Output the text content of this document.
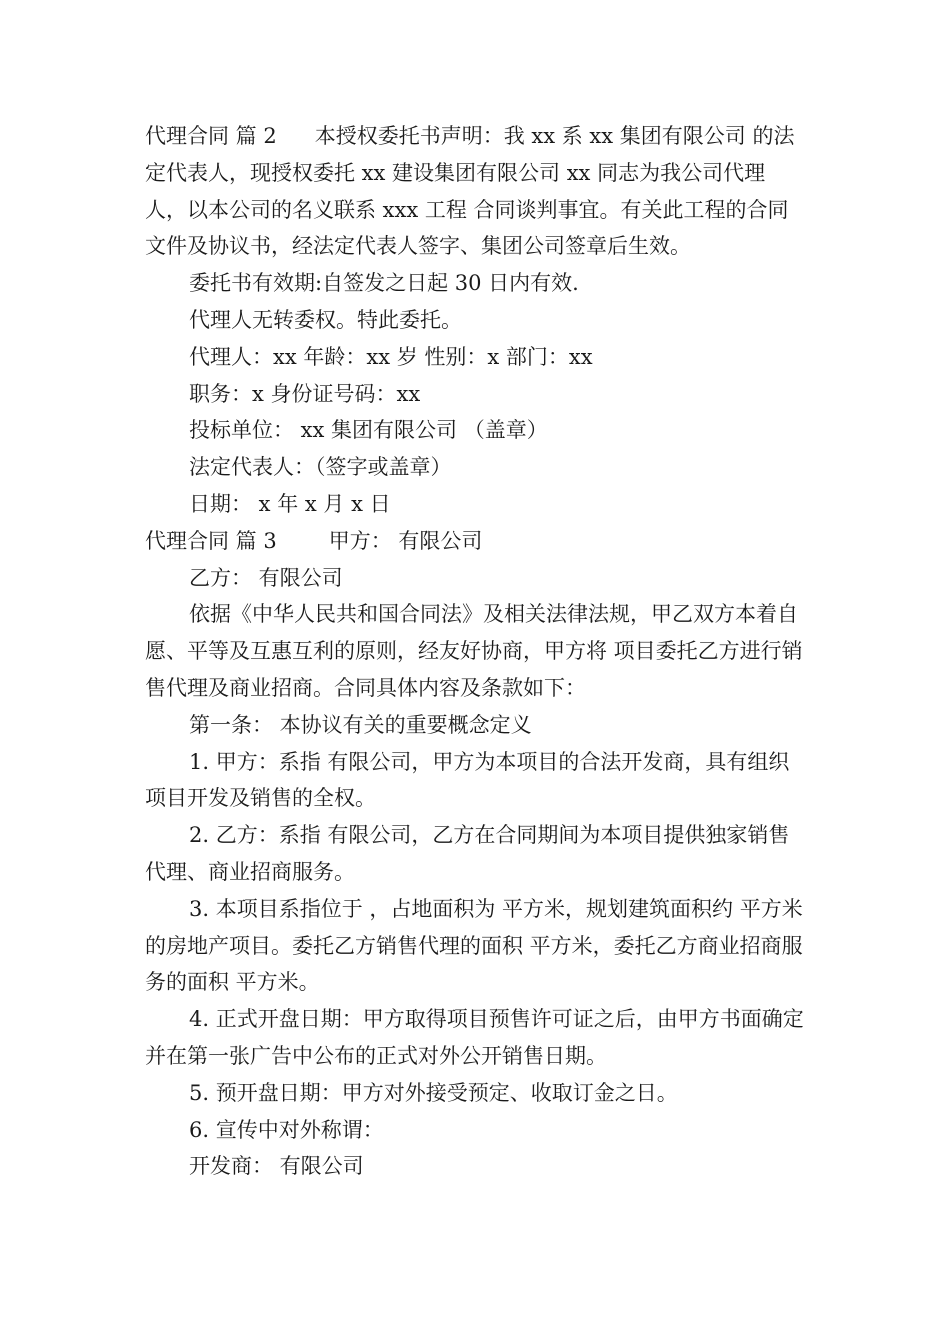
代理合同 篇 2 本授权委托书声明：我 xx 系 xx 集团有限公司 的法定代表人，现授权委托 xx 建设集团有限公司 xx 同志为我公司代理人，以本公司的名义联系 xxx 工程 合同谈判事宜。有关此工程的合同文件及协议书，经法定代表人签字、集团公司签章后生效。

委托书有效期:自签发之日起 30 日内有效.

代理人无转委权。特此委托。

代理人：xx 年龄：xx 岁 性别：x 部门：xx

职务：x 身份证号码：xx

投标单位： xx 集团有限公司 （盖章）

法定代表人：（签字或盖章）

日期： x 年 x 月 x 日

代理合同 篇 3 甲方： 有限公司

乙方： 有限公司

依据《中华人民共和国合同法》及相关法律法规，甲乙双方本着自愿、平等及互惠互利的原则，经友好协商，甲方将 项目委托乙方进行销售代理及商业招商。合同具体内容及条款如下：

第一条： 本协议有关的重要概念定义

1. 甲方：系指 有限公司，甲方为本项目的合法开发商，具有组织项目开发及销售的全权。

2. 乙方：系指 有限公司，乙方在合同期间为本项目提供独家销售代理、商业招商服务。

3. 本项目系指位于 ，占地面积为 平方米，规划建筑面积约 平方米的房地产项目。委托乙方销售代理的面积 平方米，委托乙方商业招商服务的面积 平方米。

4. 正式开盘日期：甲方取得项目预售许可证之后，由甲方书面确定并在第一张广告中公布的正式对外公开销售日期。

5. 预开盘日期：甲方对外接受预定、收取订金之日。

6. 宣传中对外称谓：

开发商： 有限公司
